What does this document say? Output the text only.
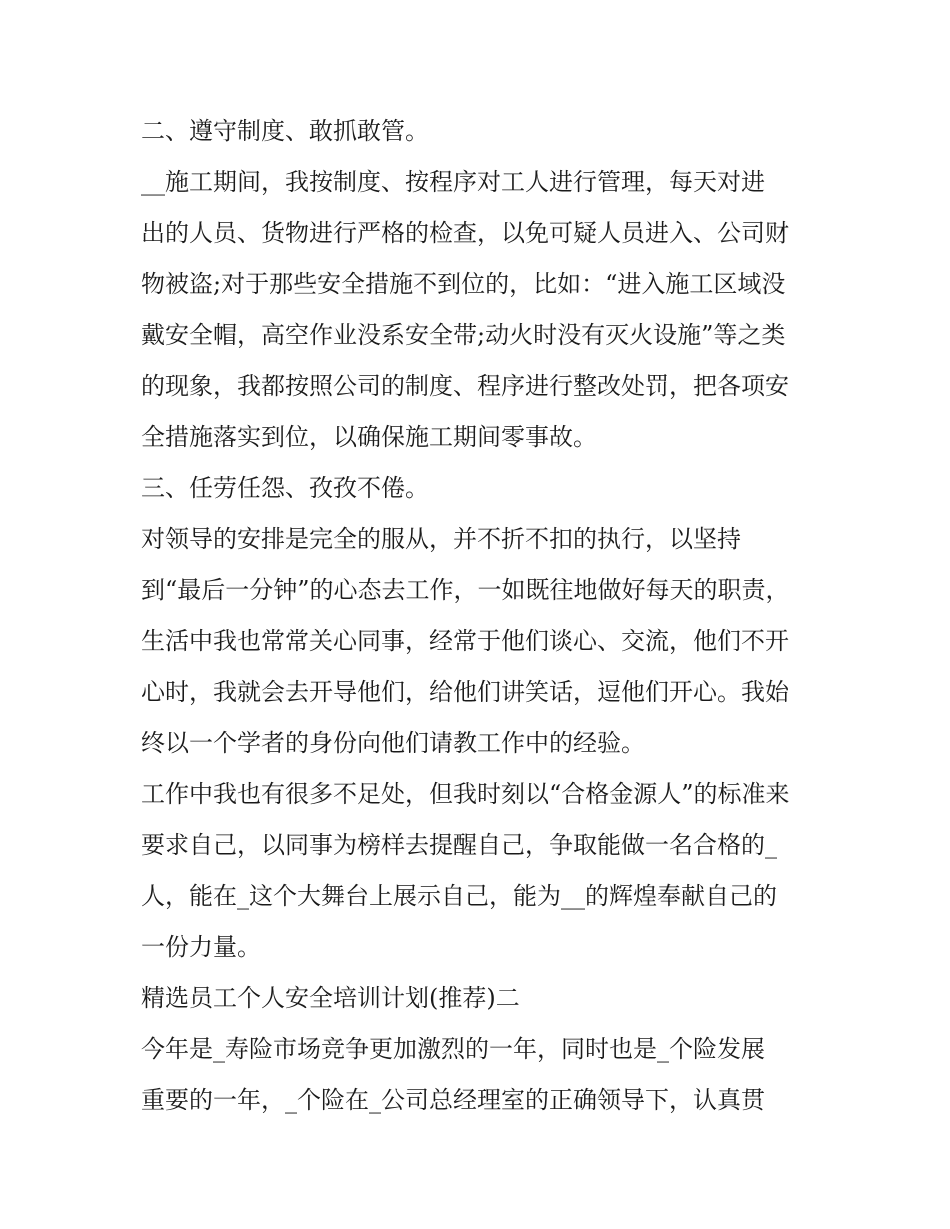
二、遵守制度、敢抓敢管。
__施工期间，我按制度、按程序对工人进行管理，每天对进
出的人员、货物进行严格的检查，以免可疑人员进入、公司财
物被盗;对于那些安全措施不到位的，比如：“进入施工区域没
戴安全帽，高空作业没系安全带;动火时没有灭火设施”等之类
的现象，我都按照公司的制度、程序进行整改处罚，把各项安
全措施落实到位，以确保施工期间零事故。
三、任劳任怨、孜孜不倦。
对领导的安排是完全的服从，并不折不扣的执行，以坚持
到“最后一分钟”的心态去工作，一如既往地做好每天的职责，
生活中我也常常关心同事，经常于他们谈心、交流，他们不开
心时，我就会去开导他们，给他们讲笑话，逗他们开心。我始
终以一个学者的身份向他们请教工作中的经验。
工作中我也有很多不足处，但我时刻以“合格金源人”的标准来
要求自己，以同事为榜样去提醒自己，争取能做一名合格的_
人，能在_这个大舞台上展示自己，能为__的辉煌奉献自己的
一份力量。
精选员工个人安全培训计划(推荐)二
今年是_寿险市场竞争更加激烈的一年，同时也是_个险发展
重要的一年，_个险在_公司总经理室的正确领导下，认真贯
